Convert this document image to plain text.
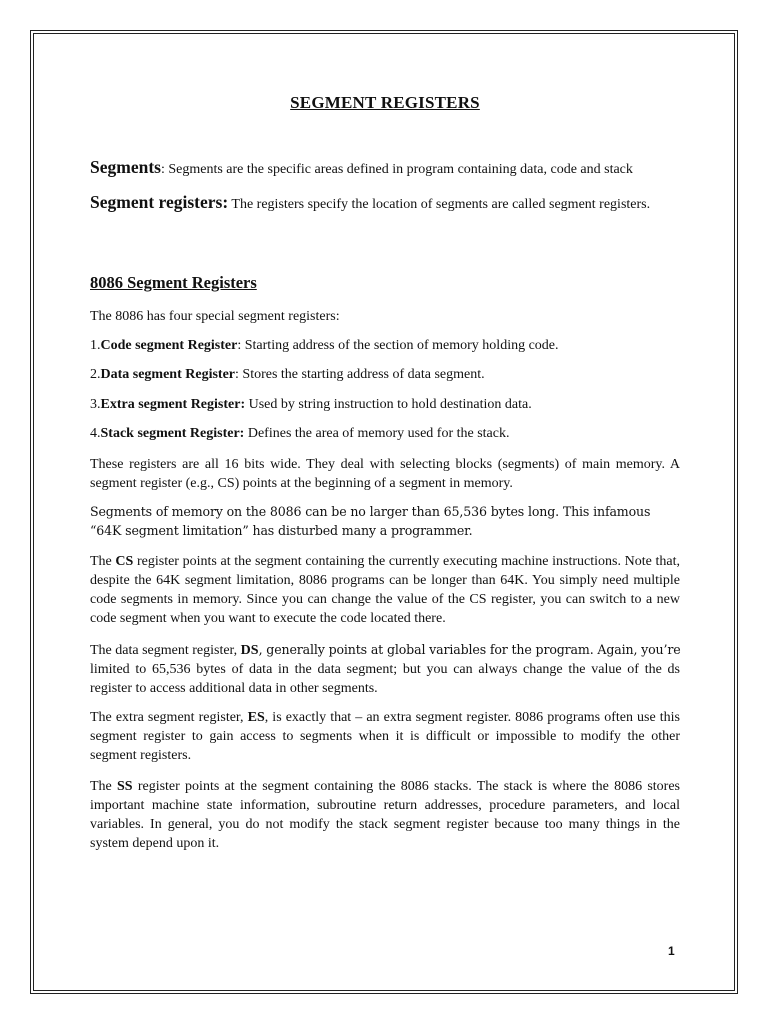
SEGMENT REGISTERS
Segments: Segments are the specific areas defined in program containing data, code and stack
Segment registers: The registers specify the location of segments are called segment registers.
8086 Segment Registers
The 8086 has four special segment registers:
1.Code segment Register: Starting address of the section of memory holding code.
2.Data segment Register: Stores the starting address of data segment.
3.Extra segment Register: Used by string instruction to hold destination data.
4.Stack segment Register: Defines the area of memory used for the stack.
These registers are all 16 bits wide. They deal with selecting blocks (segments) of main memory. A segment register (e.g., CS) points at the beginning of a segment in memory.
Segments of memory on the 8086 can be no larger than 65,536 bytes long. This infamous “64K segment limitation” has disturbed many a programmer.
The CS register points at the segment containing the currently executing machine instructions. Note that, despite the 64K segment limitation, 8086 programs can be longer than 64K. You simply need multiple code segments in memory. Since you can change the value of the CS register, you can switch to a new code segment when you want to execute the code located there.
The data segment register, DS, generally points at global variables for the program. Again, you’re
limited to 65,536 bytes of data in the data segment; but you can always change the value of the ds register to access additional data in other segments.
The extra segment register, ES, is exactly that – an extra segment register. 8086 programs often use this segment register to gain access to segments when it is difficult or impossible to modify the other segment registers.
The SS register points at the segment containing the 8086 stacks. The stack is where the 8086 stores important machine state information, subroutine return addresses, procedure parameters, and local variables. In general, you do not modify the stack segment register because too many things in the system depend upon it.
1
